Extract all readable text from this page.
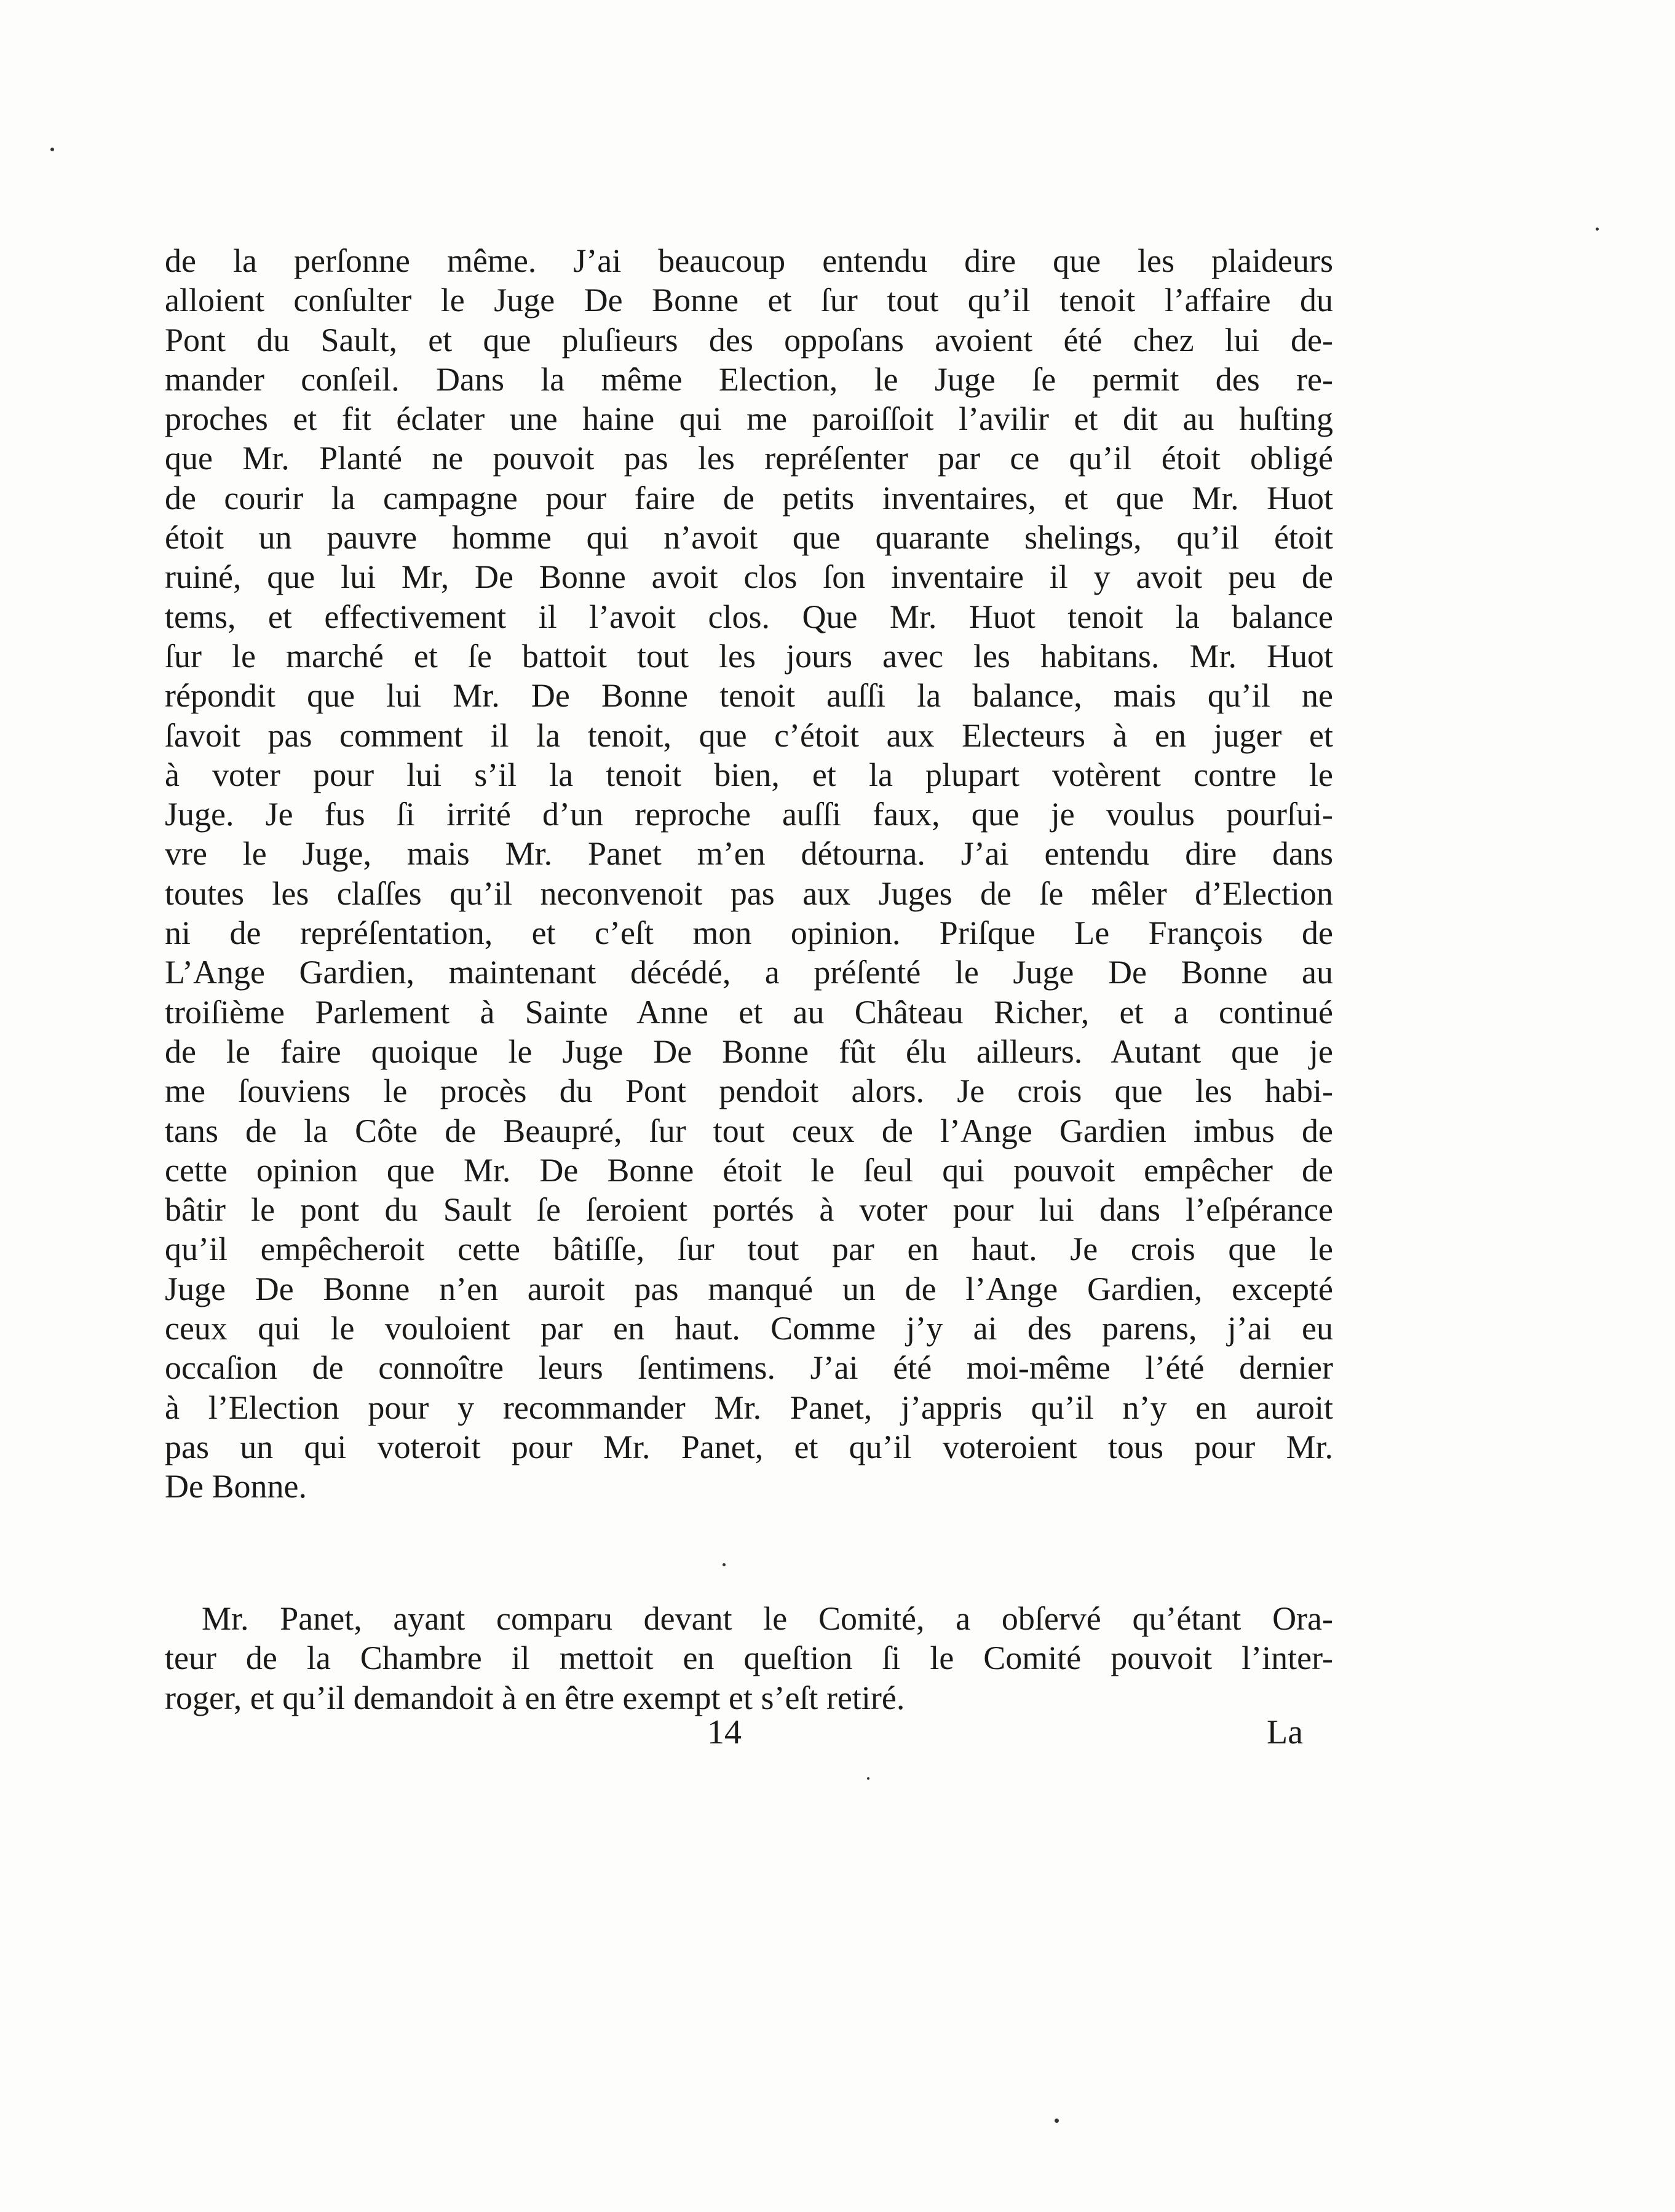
de la perſonne même. J’ai beaucoup entendu dire que les plaideurs
alloient conſulter le Juge De Bonne et ſur tout qu’il tenoit l’affaire du
Pont du Sault, et que pluſieurs des oppoſans avoient été chez lui de-
mander conſeil. Dans la même Election, le Juge ſe permit des re-
proches et fit éclater une haine qui me paroiſſoit l’avilir et dit au huſting
que Mr. Planté ne pouvoit pas les repréſenter par ce qu’il étoit obligé
de courir la campagne pour faire de petits inventaires, et que Mr. Huot
étoit un pauvre homme qui n’avoit que quarante shelings, qu’il étoit
ruiné, que lui Mr, De Bonne avoit clos ſon inventaire il y avoit peu de
tems, et effectivement il l’avoit clos. Que Mr. Huot tenoit la balance
ſur le marché et ſe battoit tout les jours avec les habitans. Mr. Huot
répondit que lui Mr. De Bonne tenoit auſſi la balance, mais qu’il ne
ſavoit pas comment il la tenoit, que c’étoit aux Electeurs à en juger et
à voter pour lui s’il la tenoit bien, et la plupart votèrent contre le
Juge. Je fus ſi irrité d’un reproche auſſi faux, que je voulus pourſui-
vre le Juge, mais Mr. Panet m’en détourna. J’ai entendu dire dans
toutes les claſſes qu’il neconvenoit pas aux Juges de ſe mêler d’Election
ni de repréſentation, et c’eſt mon opinion. Priſque Le François de
L’Ange Gardien, maintenant décédé, a préſenté le Juge De Bonne au
troiſième Parlement à Sainte Anne et au Château Richer, et a continué
de le faire quoique le Juge De Bonne fût élu ailleurs. Autant que je
me ſouviens le procès du Pont pendoit alors. Je crois que les habi-
tans de la Côte de Beaupré, ſur tout ceux de l’Ange Gardien imbus de
cette opinion que Mr. De Bonne étoit le ſeul qui pouvoit empêcher de
bâtir le pont du Sault ſe ſeroient portés à voter pour lui dans l’eſpérance
qu’il empêcheroit cette bâtiſſe, ſur tout par en haut. Je crois que le
Juge De Bonne n’en auroit pas manqué un de l’Ange Gardien, excepté
ceux qui le vouloient par en haut. Comme j’y ai des parens, j’ai eu
occaſion de connoître leurs ſentimens. J’ai été moi-même l’été dernier
à l’Election pour y recommander Mr. Panet, j’appris qu’il n’y en auroit
pas un qui voteroit pour Mr. Panet, et qu’il voteroient tous pour Mr.
De Bonne.
Mr. Panet, ayant comparu devant le Comité, a obſervé qu’étant Ora-
teur de la Chambre il mettoit en queſtion ſi le Comité pouvoit l’inter-
roger, et qu’il demandoit à en être exempt et s’eſt retiré.
14	La
